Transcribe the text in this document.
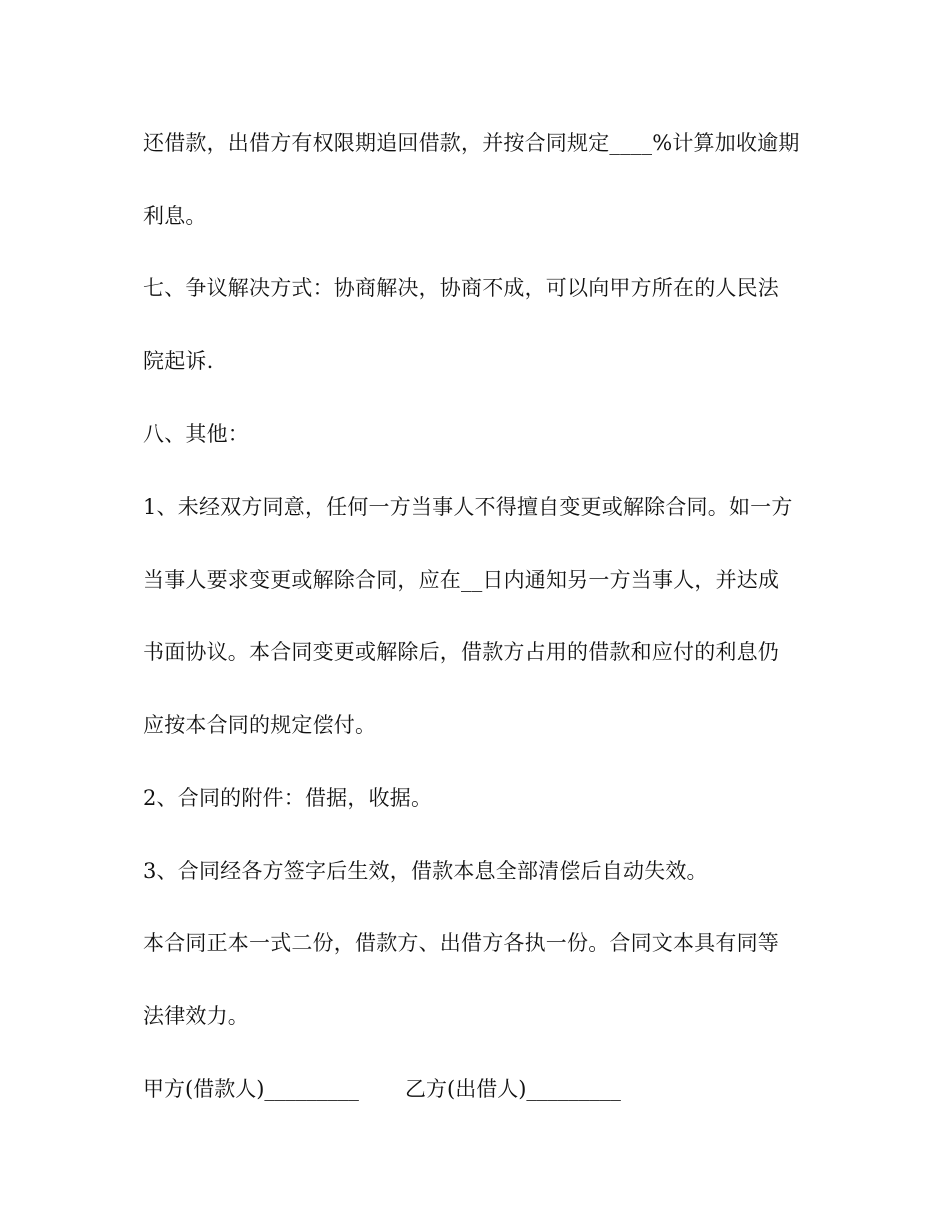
还借款，出借方有权限期追回借款，并按合同规定____%计算加收逾期
利息。
七、争议解决方式：协商解决，协商不成，可以向甲方所在的人民法
院起诉.
八、其他：
1、未经双方同意，任何一方当事人不得擅自变更或解除合同。如一方
当事人要求变更或解除合同，应在__日内通知另一方当事人，并达成
书面协议。本合同变更或解除后，借款方占用的借款和应付的利息仍
应按本合同的规定偿付。
2、合同的附件：借据，收据。
3、合同经各方签字后生效，借款本息全部清偿后自动失效。
本合同正本一式二份，借款方、出借方各执一份。合同文本具有同等
法律效力。
甲方(借款人)_________ 乙方(出借人)_________
